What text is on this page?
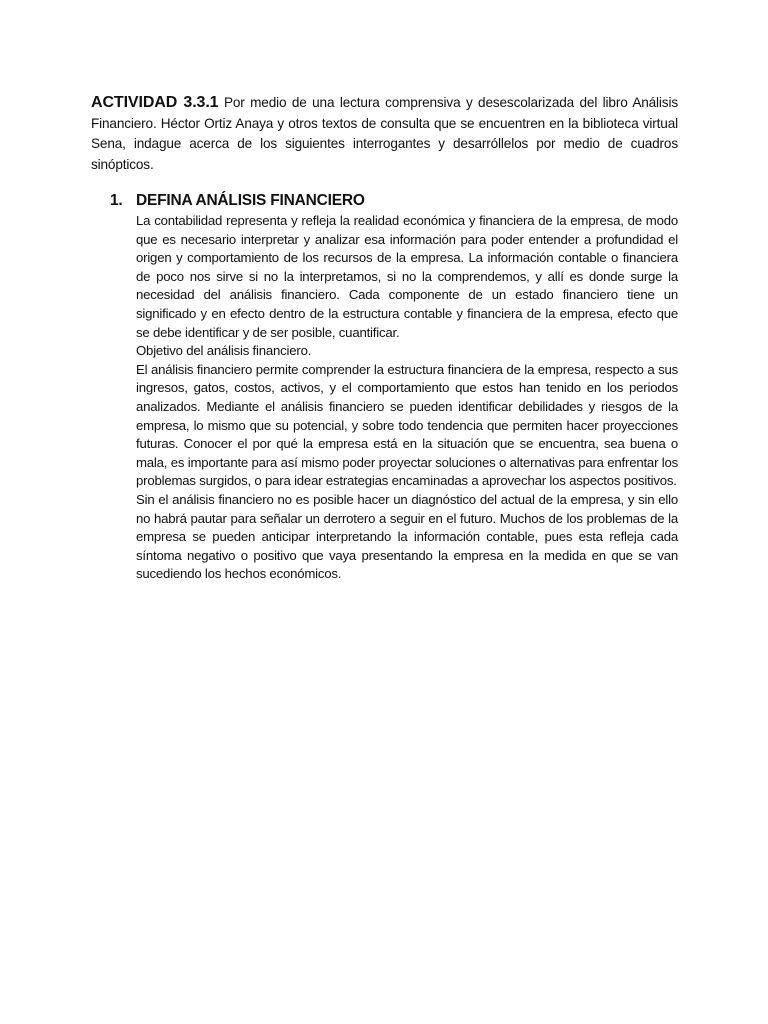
ACTIVIDAD 3.3.1 Por medio de una lectura comprensiva y desescolarizada del libro Análisis Financiero. Héctor Ortiz Anaya y otros textos de consulta que se encuentren en la biblioteca virtual Sena, indague acerca de los siguientes interrogantes y desarróllelos por medio de cuadros sinópticos.
1. DEFINA ANÁLISIS FINANCIERO

La contabilidad representa y refleja la realidad económica y financiera de la empresa, de modo que es necesario interpretar y analizar esa información para poder entender a profundidad el origen y comportamiento de los recursos de la empresa. La información contable o financiera de poco nos sirve si no la interpretamos, si no la comprendemos, y allí es donde surge la necesidad del análisis financiero. Cada componente de un estado financiero tiene un significado y en efecto dentro de la estructura contable y financiera de la empresa, efecto que se debe identificar y de ser posible, cuantificar.

Objetivo del análisis financiero.

El análisis financiero permite comprender la estructura financiera de la empresa, respecto a sus ingresos, gatos, costos, activos, y el comportamiento que estos han tenido en los periodos analizados. Mediante el análisis financiero se pueden identificar debilidades y riesgos de la empresa, lo mismo que su potencial, y sobre todo tendencia que permiten hacer proyecciones futuras. Conocer el por qué la empresa está en la situación que se encuentra, sea buena o mala, es importante para así mismo poder proyectar soluciones o alternativas para enfrentar los problemas surgidos, o para idear estrategias encaminadas a aprovechar los aspectos positivos.

Sin el análisis financiero no es posible hacer un diagnóstico del actual de la empresa, y sin ello no habrá pautar para señalar un derrotero a seguir en el futuro. Muchos de los problemas de la empresa se pueden anticipar interpretando la información contable, pues esta refleja cada síntoma negativo o positivo que vaya presentando la empresa en la medida en que se van sucediendo los hechos económicos.
